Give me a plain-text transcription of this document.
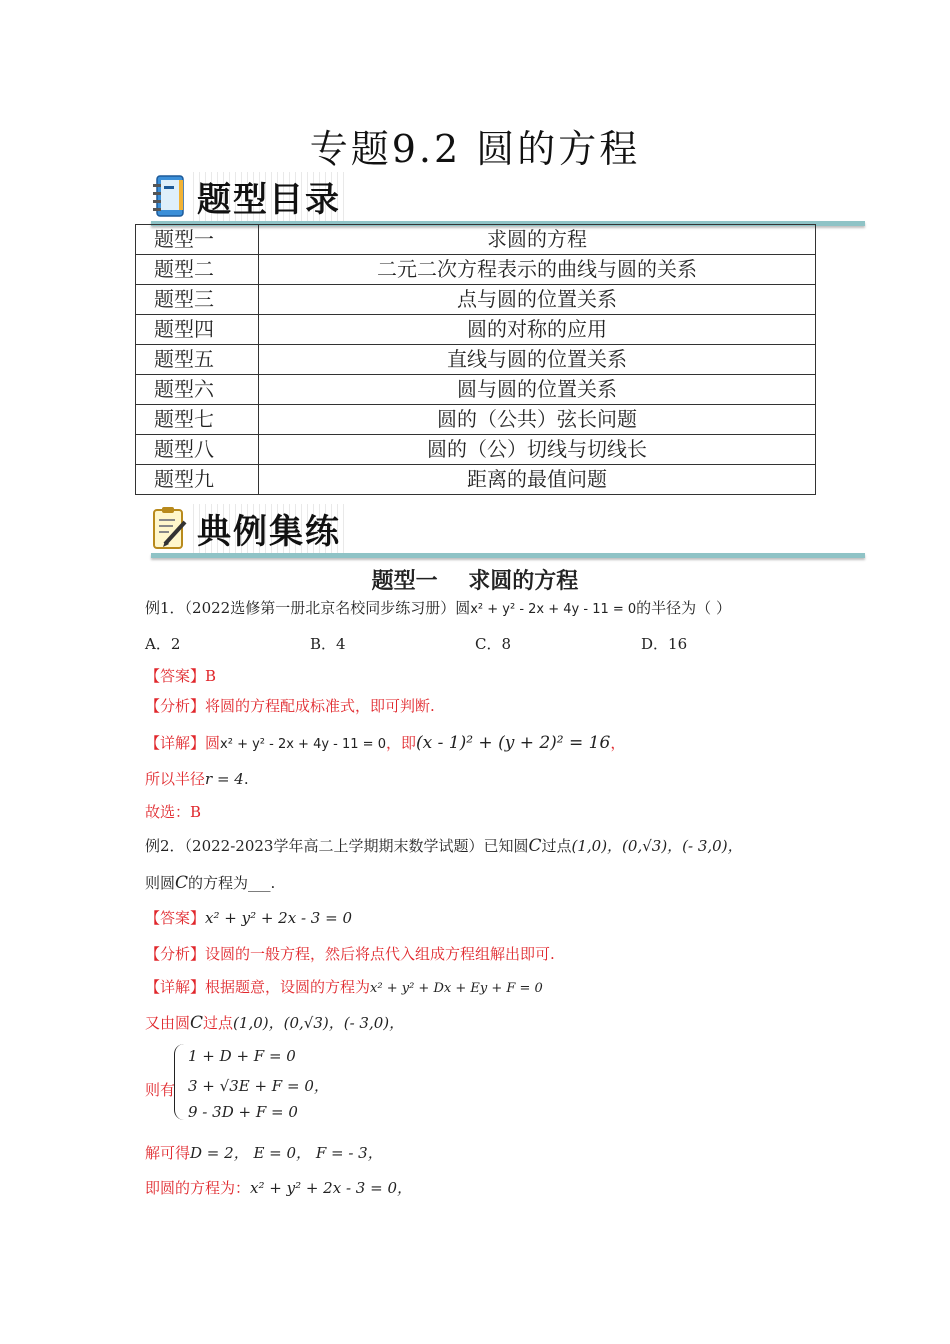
专题9.2 圆的方程
题型目录
题型一	求圆的方程
题型二	二元二次方程表示的曲线与圆的关系
题型三	点与圆的位置关系
题型四	圆的对称的应用
题型五	直线与圆的位置关系
题型六	圆与圆的位置关系
题型七	圆的（公共）弦长问题
题型八	圆的（公）切线与切线长
题型九	距离的最值问题
典例集练
题型一    求圆的方程
例1．（2022选修第一册北京名校同步练习册）圆x² + y² - 2x + 4y - 11 = 0的半径为（ ）
A．2	B．4	C．8	D．16
【答案】B
【分析】将圆的方程配成标准式，即可判断.
【详解】圆x² + y² - 2x + 4y - 11 = 0，即(x - 1)² + (y + 2)² = 16，
所以半径r = 4.
故选：B
例2．（2022-2023学年高二上学期期末数学试题）已知圆C过点(1,0)，(0,√3)，(- 3,0)，
则圆C的方程为___.
【答案】x² + y² + 2x - 3 = 0
【分析】设圆的一般方程，然后将点代入组成方程组解出即可.
【详解】根据题意，设圆的方程为x² + y² + Dx + Ey + F = 0
又由圆C过点(1,0)，(0,√3)，(- 3,0)，
则有
1 + D + F = 0
3 + √3E + F = 0，
9 - 3D + F = 0
解可得D = 2， E = 0， F = - 3，
即圆的方程为：x² + y² + 2x - 3 = 0，
